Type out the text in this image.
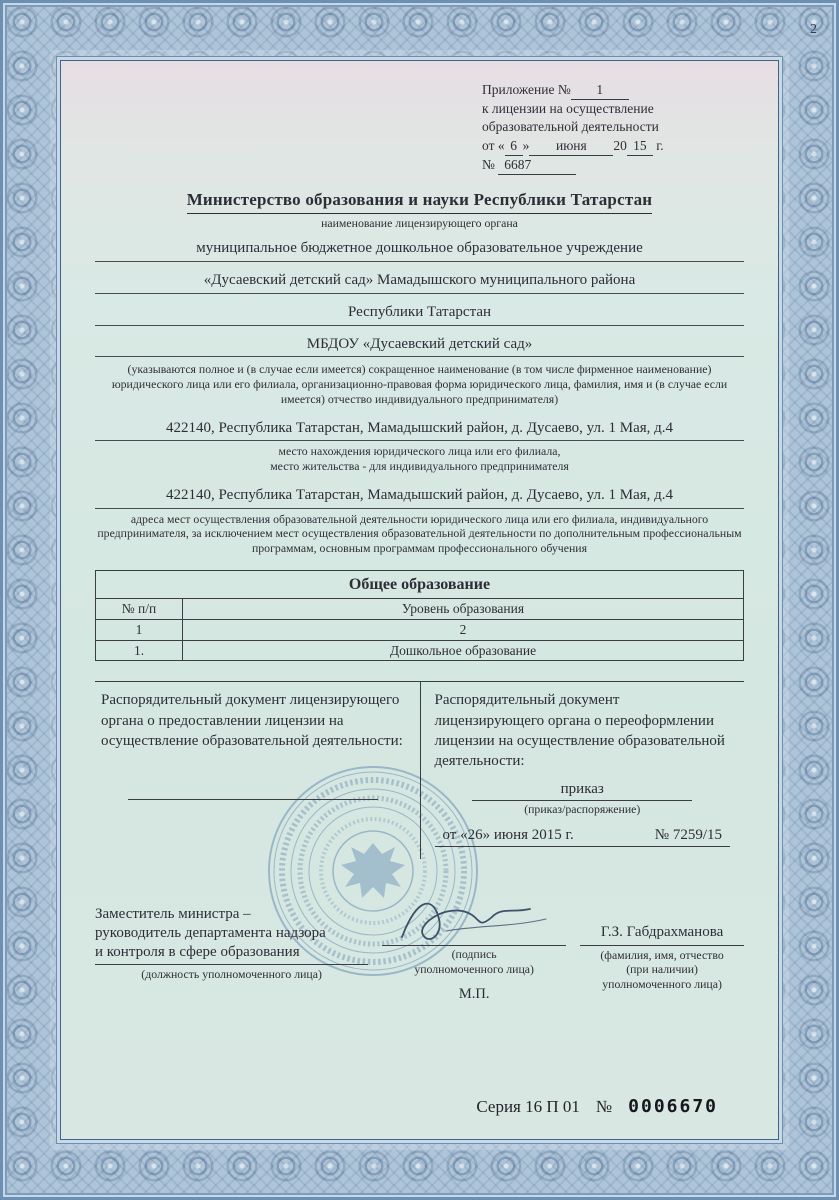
2
Приложение № 1
к лицензии на осуществление
образовательной деятельности
от « 6 » июня 20 15 г.
№ 6687
Министерство образования и науки Республики Татарстан
наименование лицензирующего органа
муниципальное бюджетное дошкольное образовательное учреждение
«Дусаевский детский сад» Мамадышского муниципального района
Республики Татарстан
МБДОУ «Дусаевский детский сад»
(указываются полное и (в случае если имеется) сокращенное наименование (в том числе фирменное наименование) юридического лица или его филиала, организационно-правовая форма юридического лица, фамилия, имя и (в случае если имеется) отчество индивидуального предпринимателя)
422140, Республика Татарстан, Мамадышский район, д. Дусаево, ул. 1 Мая, д.4
место нахождения юридического лица или его филиала,
место жительства - для индивидуального предпринимателя
422140, Республика Татарстан, Мамадышский район, д. Дусаево, ул. 1 Мая, д.4
адреса мест осуществления образовательной деятельности юридического лица или его филиала, индивидуального предпринимателя, за исключением мест осуществления образовательной деятельности по дополнительным профессиональным программам, основным программам профессионального обучения
Общее образование	
№ п/п	Уровень образования
1	2
1.	Дошкольное образование
Распорядительный документ лицензирующего органа о предоставлении лицензии на осуществление образовательной деятельности:
Распорядительный документ лицензирующего органа о переоформлении лицензии на осуществление образовательной деятельности:
приказ
(приказ/распоряжение)
от «26» июня 2015 г.	№ 7259/15
Заместитель министра –
руководитель департамента надзора
и контроля в сфере образования
(должность уполномоченного лица)
(подпись
уполномоченного лица)
М.П.
Г.З. Габдрахманова
(фамилия, имя, отчество
(при наличии)
уполномоченного лица)
Серия 16 П 01 № 0006670
